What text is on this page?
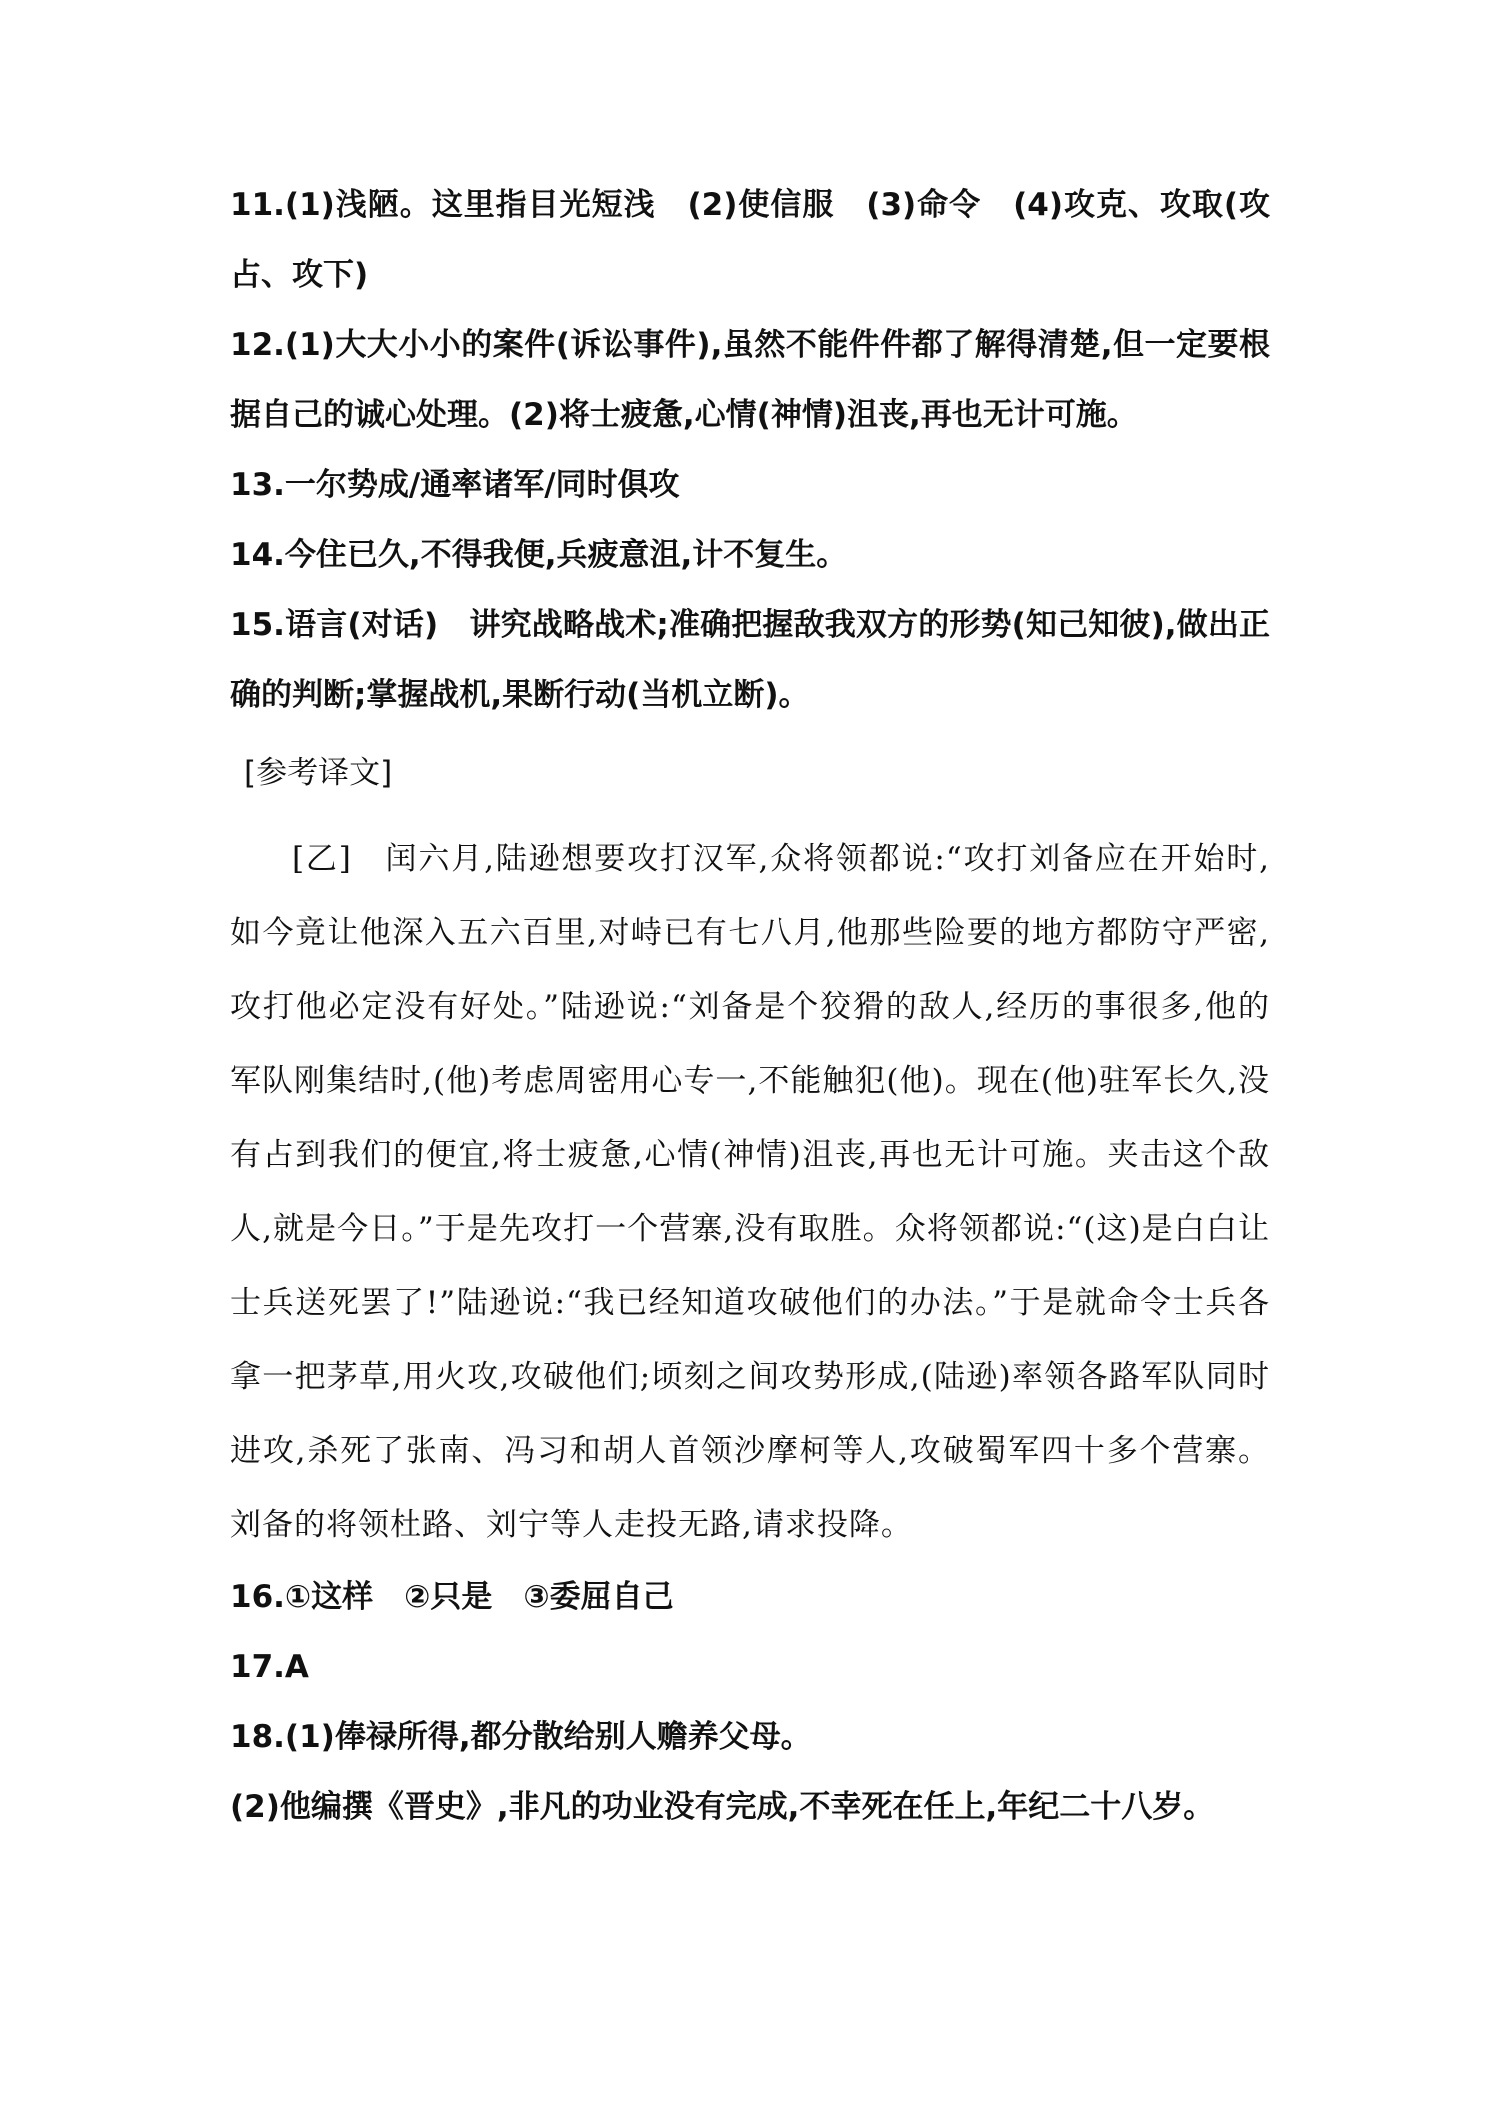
11.(1)浅陋。这里指目光短浅　(2)使信服　(3)命令　(4)攻克、攻取(攻占、攻下)

12.(1)大大小小的案件(诉讼事件),虽然不能件件都了解得清楚,但一定要根据自己的诚心处理。(2)将士疲惫,心情(神情)沮丧,再也无计可施。

13.一尔势成/通率诸军/同时俱攻

14.今住已久,不得我便,兵疲意沮,计不复生。

15.语言(对话)　讲究战略战术;准确把握敌我双方的形势(知己知彼),做出正确的判断;掌握战机,果断行动(当机立断)。

[参考译文]

[乙]　闰六月,陆逊想要攻打汉军,众将领都说:“攻打刘备应在开始时,如今竟让他深入五六百里,对峙已有七八月,他那些险要的地方都防守严密,攻打他必定没有好处。”陆逊说:“刘备是个狡猾的敌人,经历的事很多,他的军队刚集结时,(他)考虑周密用心专一,不能触犯(他)。现在(他)驻军长久,没有占到我们的便宜,将士疲惫,心情(神情)沮丧,再也无计可施。夹击这个敌人,就是今日。”于是先攻打一个营寨,没有取胜。众将领都说:“(这)是白白让士兵送死罢了!”陆逊说:“我已经知道攻破他们的办法。”于是就命令士兵各拿一把茅草,用火攻,攻破他们;顷刻之间攻势形成,(陆逊)率领各路军队同时进攻,杀死了张南、冯习和胡人首领沙摩柯等人,攻破蜀军四十多个营寨。刘备的将领杜路、刘宁等人走投无路,请求投降。

16.①这样　②只是　③委屈自己

17.A

18.(1)俸禄所得,都分散给别人赡养父母。

(2)他编撰《晋史》,非凡的功业没有完成,不幸死在任上,年纪二十八岁。
